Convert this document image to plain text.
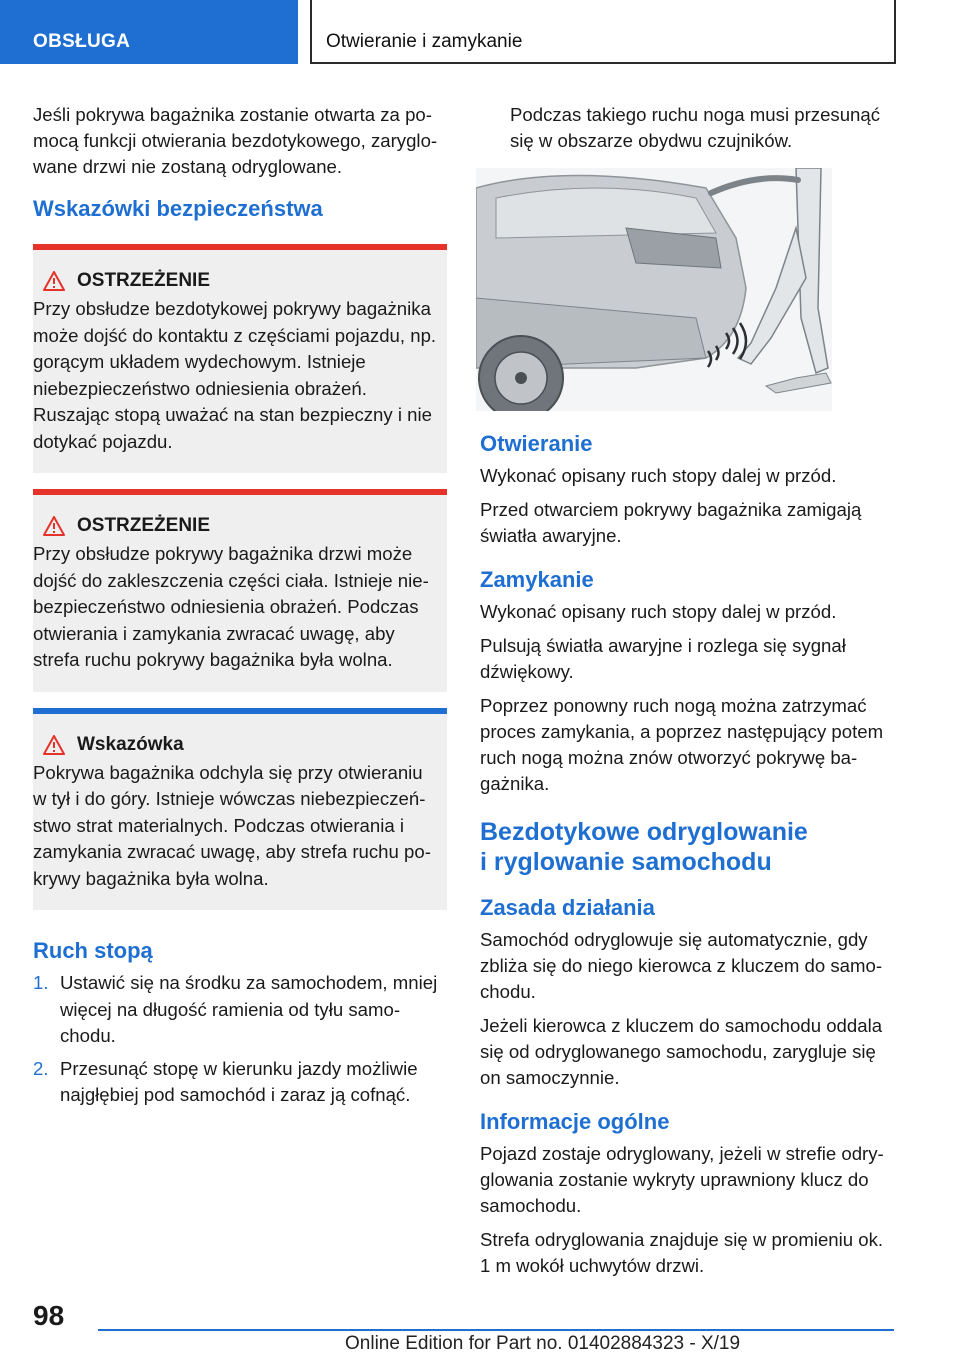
OBSŁUGA	Otwieranie i zamykanie

Jeśli pokrywa bagażnika zostanie otwarta za pomocą funkcji otwierania bezdotykowego, zaryglowane drzwi nie zostaną odryglowane.

Wskazówki bezpieczeństwa
OSTRZEŻENIE
Przy obsłudze bezdotykowej pokrywy bagażnika może dojść do kontaktu z częściami pojazdu, np. gorącym układem wydechowym. Istnieje niebezpieczeństwo odniesienia obrażeń. Ruszając stopą uważać na stan bezpieczny i nie dotykać pojazdu.
OSTRZEŻENIE
Przy obsłudze pokrywy bagażnika drzwi może dojść do zakleszczenia części ciała. Istnieje niebezpieczeństwo odniesienia obrażeń. Podczas otwierania i zamykania zwracać uwagę, aby strefa ruchu pokrywy bagażnika była wolna.
Wskazówka
Pokrywa bagażnika odchyla się przy otwieraniu w tył i do góry. Istnieje wówczas niebezpieczeństwo strat materialnych. Podczas otwierania i zamykania zwracać uwagę, aby strefa ruchu pokrywy bagażnika była wolna.
Ruch stopą
1. Ustawić się na środku za samochodem, mniej więcej na długość ramienia od tyłu samochodu.
2. Przesunąć stopę w kierunku jazdy możliwie najgłębiej pod samochód i zaraz ją cofnąć.

Podczas takiego ruchu noga musi przesunąć się w obszarze obydwu czujników.

Otwieranie

Wykonać opisany ruch stopy dalej w przód.

Przed otwarciem pokrywy bagażnika zamigają światła awaryjne.

Zamykanie

Wykonać opisany ruch stopy dalej w przód.

Pulsują światła awaryjne i rozlega się sygnał dźwiękowy.

Poprzez ponowny ruch nogą można zatrzymać proces zamykania, a poprzez następujący potem ruch nogą można znów otworzyć pokrywę bagażnika.

Bezdotykowe odryglowanie
i ryglowanie samochodu
Zasada działania

Samochód odryglowuje się automatycznie, gdy zbliża się do niego kierowca z kluczem do samochodu.

Jeżeli kierowca z kluczem do samochodu oddala się od odryglowanego samochodu, zarygluje się on samoczynnie.

Informacje ogólne

Pojazd zostaje odryglowany, jeżeli w strefie odryglowania zostanie wykryty uprawniony klucz do samochodu.

Strefa odryglowania znajduje się w promieniu ok. 1 m wokół uchwytów drzwi.

98
Online Edition for Part no. 01402884323 - X/19
